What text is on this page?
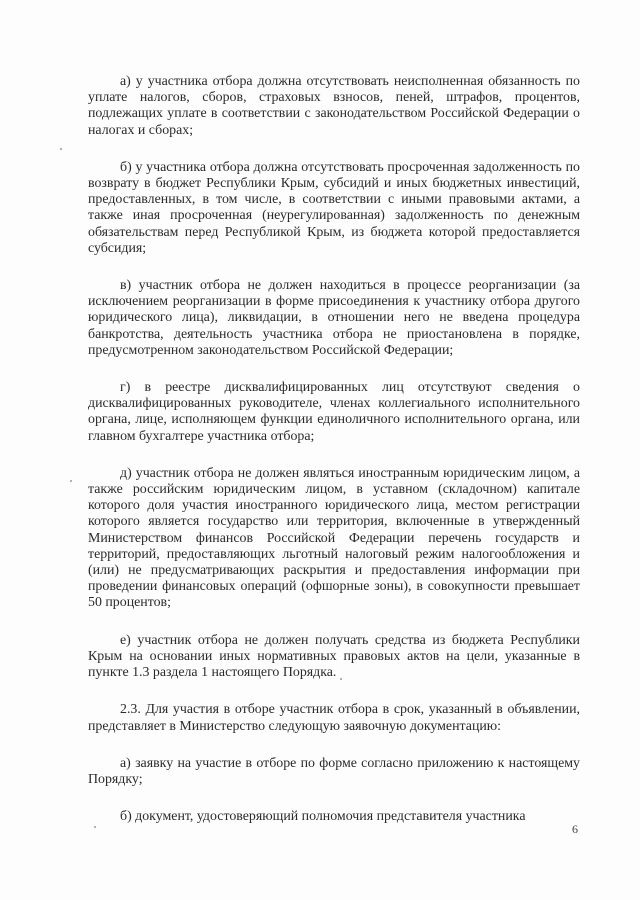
а) у участника отбора должна отсутствовать неисполненная обязанность по уплате налогов, сборов, страховых взносов, пеней, штрафов, процентов, подлежащих уплате в соответствии с законодательством Российской Федерации о налогах и сборах;

б) у участника отбора должна отсутствовать просроченная задолженность по возврату в бюджет Республики Крым, субсидий и иных бюджетных инвестиций, предоставленных, в том числе, в соответствии с иными правовыми актами, а также иная просроченная (неурегулированная) задолженность по денежным обязательствам перед Республикой Крым, из бюджета которой предоставляется субсидия;

в) участник отбора не должен находиться в процессе реорганизации (за исключением реорганизации в форме присоединения к участнику отбора другого юридического лица), ликвидации, в отношении него не введена процедура банкротства, деятельность участника отбора не приостановлена в порядке, предусмотренном законодательством Российской Федерации;

г) в реестре дисквалифицированных лиц отсутствуют сведения о дисквалифицированных руководителе, членах коллегиального исполнительного органа, лице, исполняющем функции единоличного исполнительного органа, или главном бухгалтере участника отбора;

д) участник отбора не должен являться иностранным юридическим лицом, а также российским юридическим лицом, в уставном (складочном) капитале которого доля участия иностранного юридического лица, местом регистрации которого является государство или территория, включенные в утвержденный Министерством финансов Российской Федерации перечень государств и территорий, предоставляющих льготный налоговый режим налогообложения и (или) не предусматривающих раскрытия и предоставления информации при проведении финансовых операций (офшорные зоны), в совокупности превышает 50 процентов;

е) участник отбора не должен получать средства из бюджета Республики Крым на основании иных нормативных правовых актов на цели, указанные в пункте 1.3 раздела 1 настоящего Порядка.

2.3. Для участия в отборе участник отбора в срок, указанный в объявлении, представляет в Министерство следующую заявочную документацию:

а) заявку на участие в отборе по форме согласно приложению к настоящему Порядку;

б) документ, удостоверяющий полномочия представителя участника

6
